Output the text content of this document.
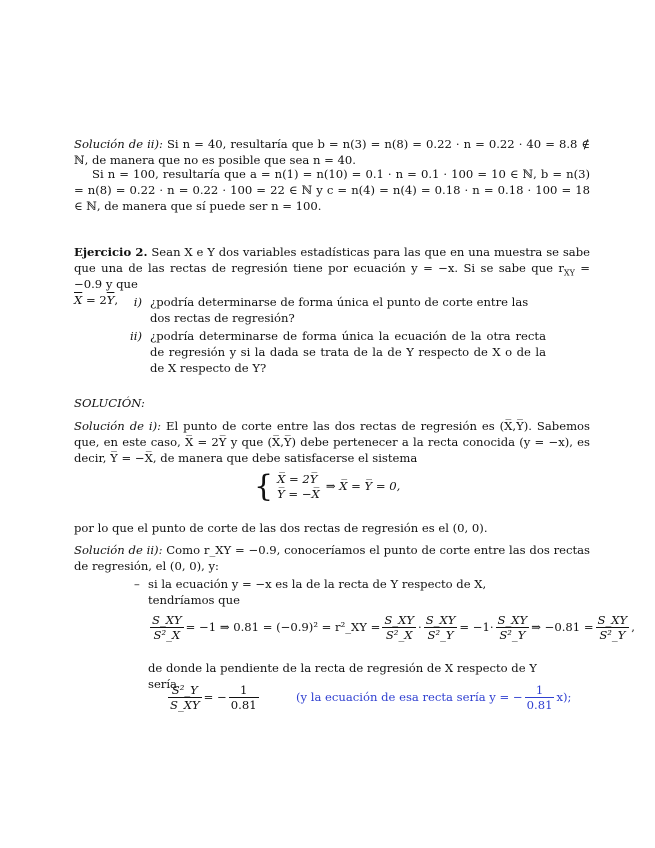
Solución de ii): Si n = 40, resultaría que b = n(3) = n(8) = 0.22 · n = 0.22 · 40 = 8.8 ∉ ℕ, de manera que no es posible que sea n = 40.
Si n = 100, resultaría que a = n(1) = n(10) = 0.1 · n = 0.1 · 100 = 10 ∈ ℕ, b = n(3) = n(8) = 0.22 · n = 0.22 · 100 = 22 ∈ ℕ y c = n(4) = n(4) = 0.18 · n = 0.18 · 100 = 18 ∈ ℕ, de manera que sí puede ser n = 100.
Ejercicio 2. Sean X e Y dos variables estadísticas para las que en una muestra se sabe que una de las rectas de regresión tiene por ecuación y = −x. Si se sabe que $r_{XY} = -0.9$ y que
$\overline{X} = 2\overline{Y}$,	i) ¿podría determinarse de forma única el punto de corte entre las dos rectas de regresión?
ii) ¿podría determinarse de forma única la ecuación de la otra recta de regresión y si la dada se trata de la de Y respecto de X o de la de X respecto de Y?
SOLUCIÓN:
Solución de i): El punto de corte entre las dos rectas de regresión es (X̅,Y̅). Sabemos que, en este caso, X̅ = 2Y̅ y que (X̅,Y̅) debe pertenecer a la recta conocida (y = −x), es decir, Y̅ = −X̅, de manera que debe satisfacerse el sistema
{ X̅ = 2Y̅
Y̅ = −X̅
⇒ X̅ = Y̅ = 0,
por lo que el punto de corte de las dos rectas de regresión es el (0, 0).
Solución de ii): Como r_XY = −0.9, conoceríamos el punto de corte entre las dos rectas de regresión, el (0, 0), y:
– si la ecuación y = −x es la de la recta de Y respecto de X, tendríamos que
$\frac{S\_XY}{\text{S²\_X}} = -1$ ⇒ 0.81 = (−0.9)² = r²_XY = $\frac{S\_XY}{\text{S²\_X}} \cdot \frac{S\_XY}{\text{S²\_Y}} = -1\cdot \frac{S\_XY}{\text{S²\_Y}}$ ⇒ $-0.81 = \frac{S\_XY}{\text{S²\_Y}}$ ,
de donde la pendiente de la recta de regresión de X respecto de Y sería
$\frac{\text{S²\_Y}}{S\_XY}$ = − $\frac{1}{0.81}$	(y la ecuación de esa recta sería y = − $\frac{1}{0.81} x$);
